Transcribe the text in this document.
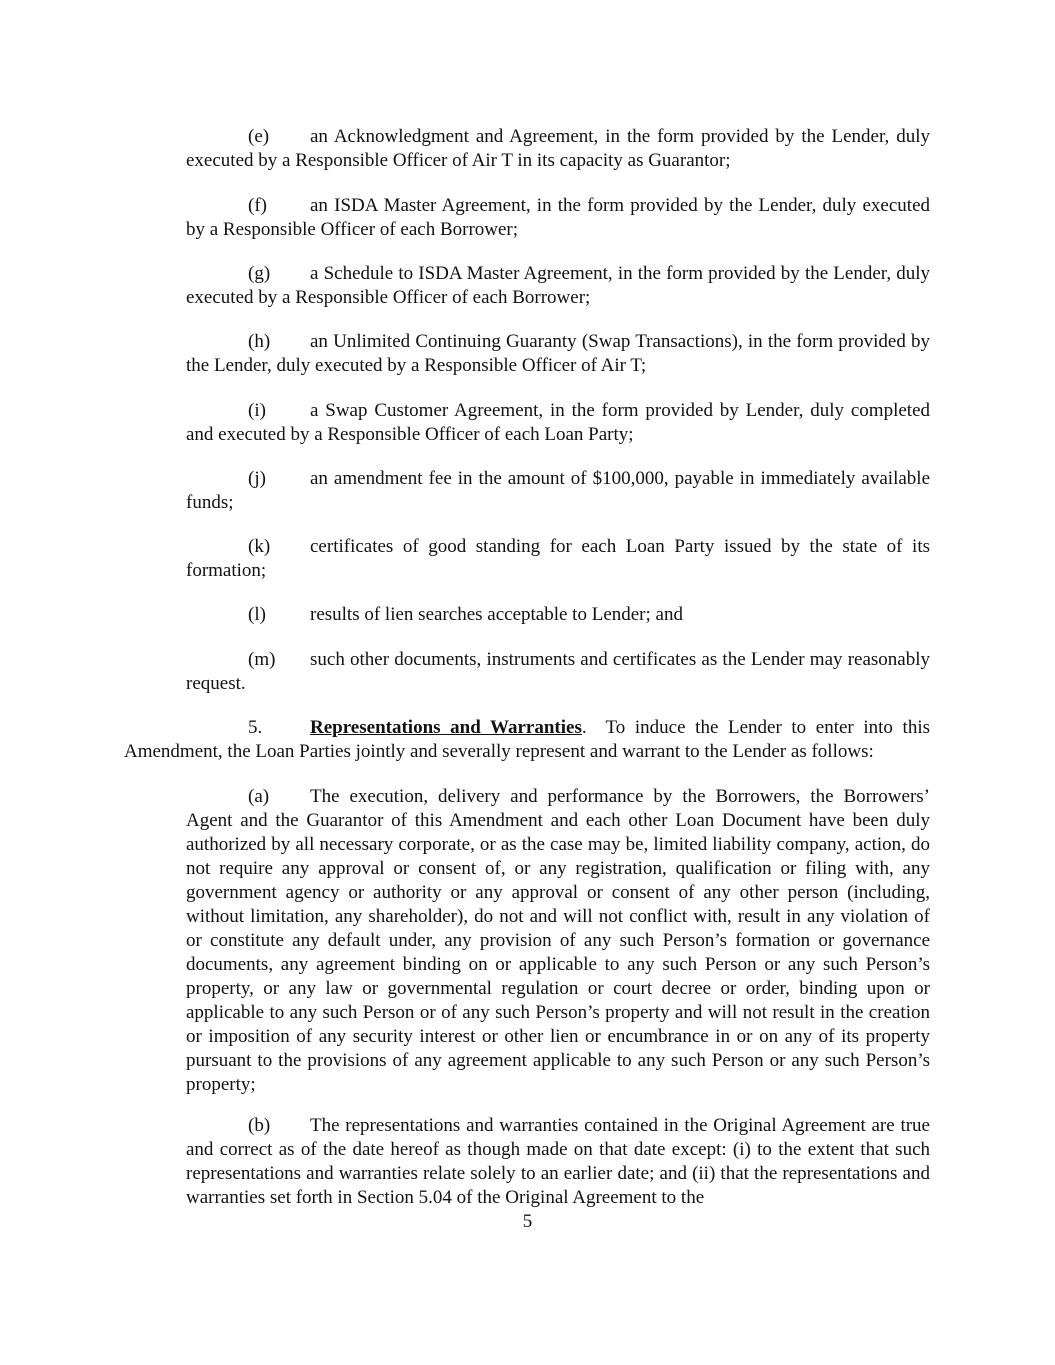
(e) an Acknowledgment and Agreement, in the form provided by the Lender, duly executed by a Responsible Officer of Air T in its capacity as Guarantor;

(f) an ISDA Master Agreement, in the form provided by the Lender, duly executed by a Responsible Officer of each Borrower;

(g) a Schedule to ISDA Master Agreement, in the form provided by the Lender, duly executed by a Responsible Officer of each Borrower;

(h) an Unlimited Continuing Guaranty (Swap Transactions), in the form provided by the Lender, duly executed by a Responsible Officer of Air T;

(i) a Swap Customer Agreement, in the form provided by Lender, duly completed and executed by a Responsible Officer of each Loan Party;

(j) an amendment fee in the amount of $100,000, payable in immediately available funds;

(k) certificates of good standing for each Loan Party issued by the state of its formation;

(l) results of lien searches acceptable to Lender; and

(m) such other documents, instruments and certificates as the Lender may reasonably request.

5.	Representations and Warranties. To induce the Lender to enter into this Amendment, the Loan Parties jointly and severally represent and warrant to the Lender as follows:

(a) The execution, delivery and performance by the Borrowers, the Borrowers’ Agent and the Guarantor of this Amendment and each other Loan Document have been duly authorized by all necessary corporate, or as the case may be, limited liability company, action, do not require any approval or consent of, or any registration, qualification or filing with, any government agency or authority or any approval or consent of any other person (including, without limitation, any shareholder), do not and will not conflict with, result in any violation of or constitute any default under, any provision of any such Person’s formation or governance documents, any agreement binding on or applicable to any such Person or any such Person’s property, or any law or governmental regulation or court decree or order, binding upon or applicable to any such Person or of any such Person’s property and will not result in the creation or imposition of any security interest or other lien or encumbrance in or on any of its property pursuant to the provisions of any agreement applicable to any such Person or any such Person’s property;

(b) The representations and warranties contained in the Original Agreement are true and correct as of the date hereof as though made on that date except: (i) to the extent that such representations and warranties relate solely to an earlier date; and (ii) that the representations and warranties set forth in Section 5.04 of the Original Agreement to the

5
